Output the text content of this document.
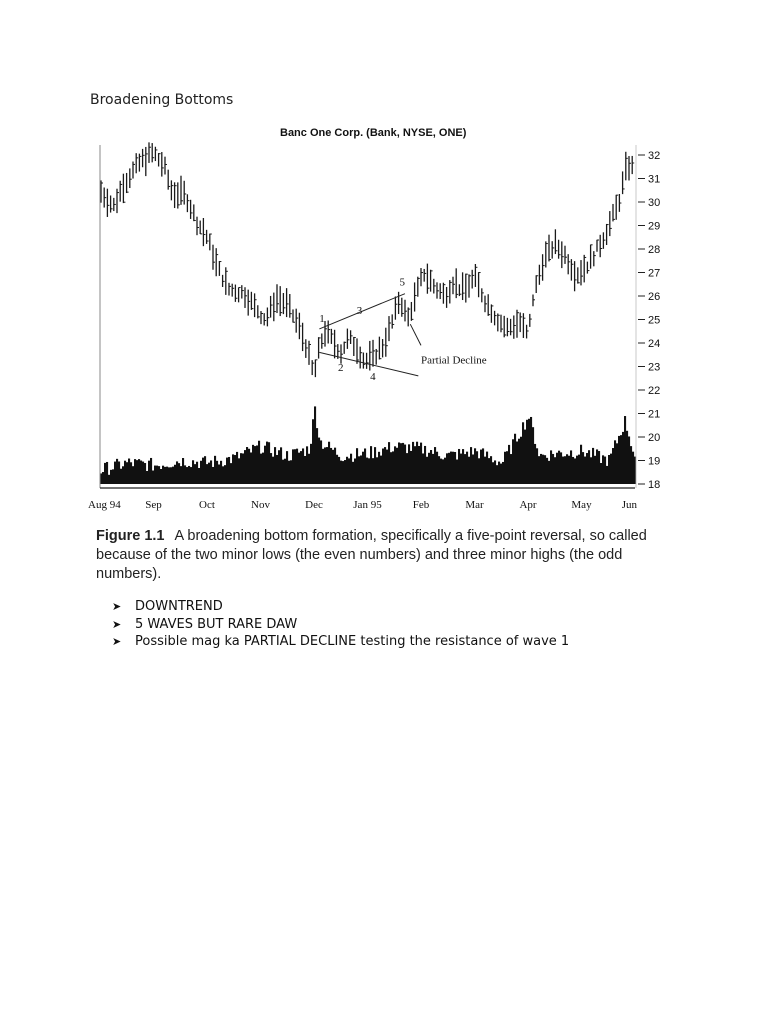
Broadening Bottoms
Banc One Corp. (Bank, NYSE, ONE)
32
31
30
29
28
27
26
25
24
23
22
21
20
19
18
Aug 94 Sep	Oct	Nov	Dec	Jan 95	Feb	Mar	Apr	May	Jun
1
2
3
4
5
Partial Decline
Figure 1.1 A broadening bottom formation, specifically a five-point reversal, so called because of the two minor lows (the even numbers) and three minor highs (the odd numbers).
➤	DOWNTREND
➤	5 WAVES BUT RARE DAW
➤	Possible mag ka PARTIAL DECLINE testing the resistance of wave 1
